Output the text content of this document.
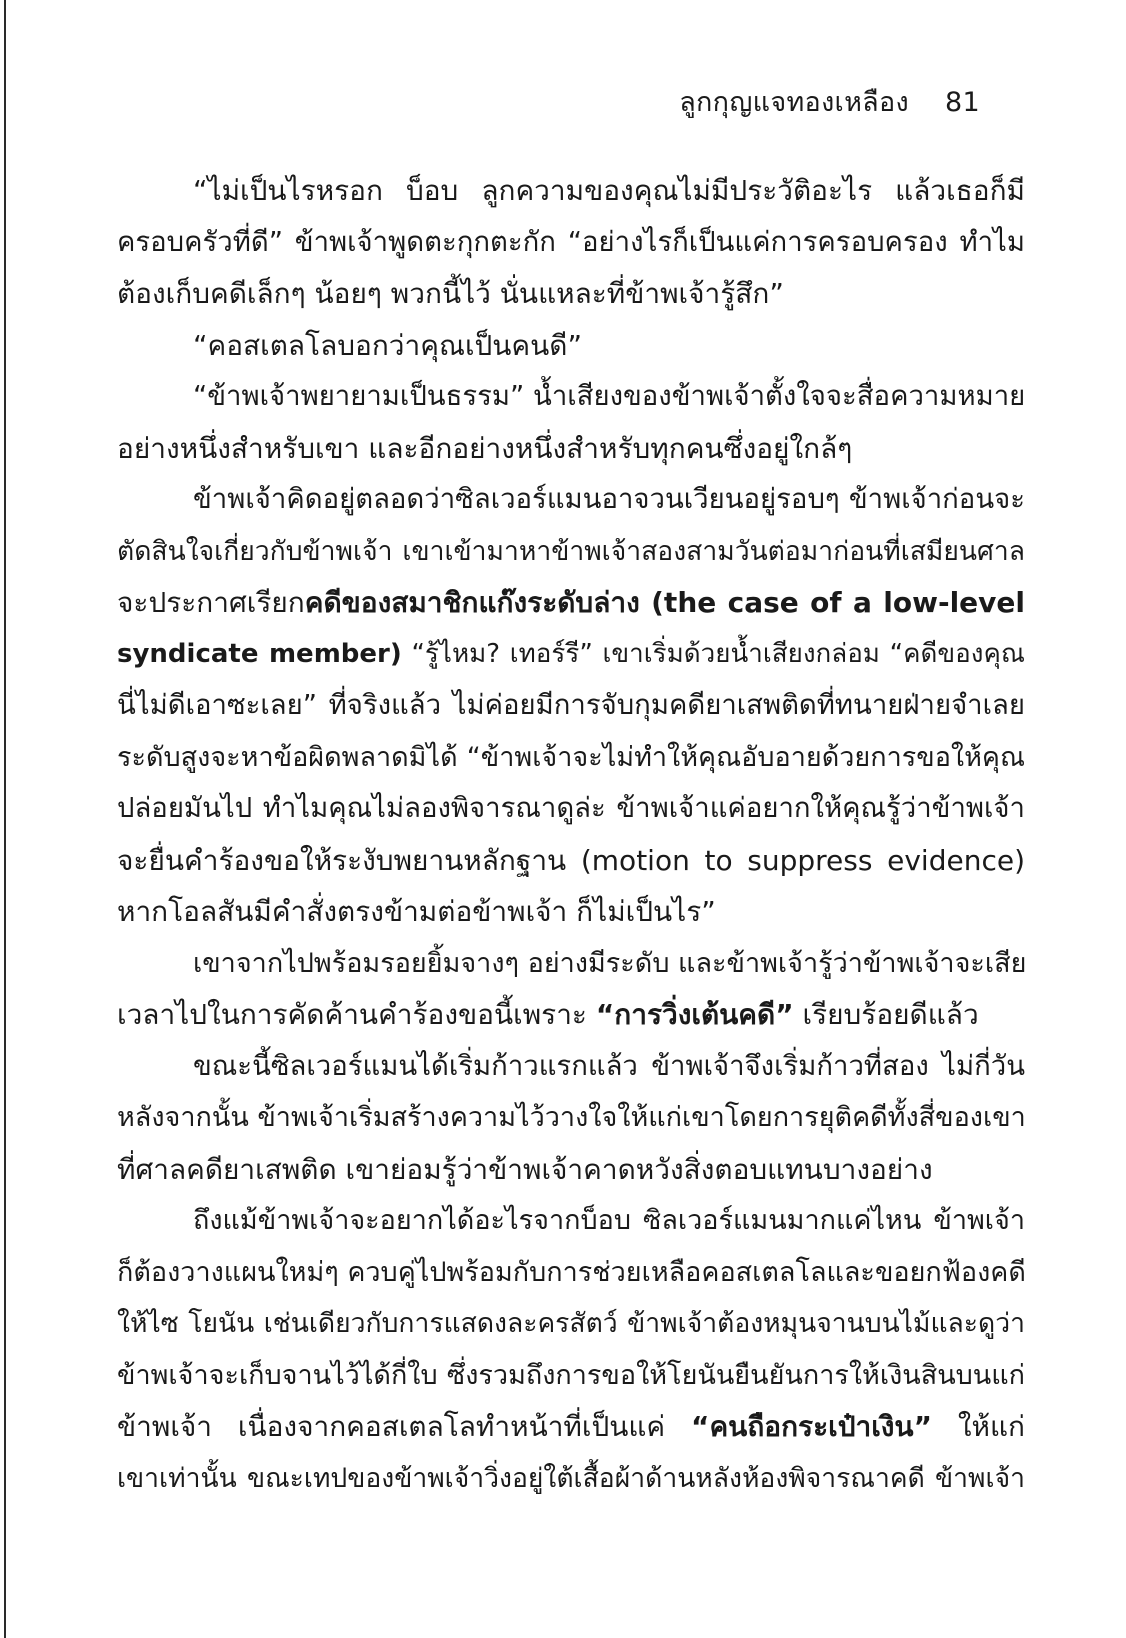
ลูกกุญแจทองเหลือง 81
“ไม่เป็นไรหรอก บ็อบ ลูกความของคุณไม่มีประวัติอะไร แล้วเธอก็มี
ครอบครัวที่ดี” ข้าพเจ้าพูดตะกุกตะกัก “อย่างไรก็เป็นแค่การครอบครอง ทำไม
ต้องเก็บคดีเล็กๆ น้อยๆ พวกนี้ไว้ นั่นแหละที่ข้าพเจ้ารู้สึก”
“คอสเตลโลบอกว่าคุณเป็นคนดี”
“ข้าพเจ้าพยายามเป็นธรรม” น้ำเสียงของข้าพเจ้าตั้งใจจะสื่อความหมาย
อย่างหนึ่งสำหรับเขา และอีกอย่างหนึ่งสำหรับทุกคนซึ่งอยู่ใกล้ๆ
ข้าพเจ้าคิดอยู่ตลอดว่าซิลเวอร์แมนอาจวนเวียนอยู่รอบๆ ข้าพเจ้าก่อนจะ
ตัดสินใจเกี่ยวกับข้าพเจ้า เขาเข้ามาหาข้าพเจ้าสองสามวันต่อมาก่อนที่เสมียนศาล
จะประกาศเรียกคดีของสมาชิกแก๊งระดับล่าง (the case of a low-level
syndicate member) “รู้ไหม? เทอร์รี” เขาเริ่มด้วยน้ำเสียงกล่อม “คดีของคุณ
นี่ไม่ดีเอาซะเลย” ที่จริงแล้ว ไม่ค่อยมีการจับกุมคดียาเสพติดที่ทนายฝ่ายจำเลย
ระดับสูงจะหาข้อผิดพลาดมิได้ “ข้าพเจ้าจะไม่ทำให้คุณอับอายด้วยการขอให้คุณ
ปล่อยมันไป ทำไมคุณไม่ลองพิจารณาดูล่ะ ข้าพเจ้าแค่อยากให้คุณรู้ว่าข้าพเจ้า
จะยื่นคำร้องขอให้ระงับพยานหลักฐาน (motion to suppress evidence)
หากโอลสันมีคำสั่งตรงข้ามต่อข้าพเจ้า ก็ไม่เป็นไร”
เขาจากไปพร้อมรอยยิ้มจางๆ อย่างมีระดับ และข้าพเจ้ารู้ว่าข้าพเจ้าจะเสีย
เวลาไปในการคัดค้านคำร้องขอนี้เพราะ “การวิ่งเต้นคดี” เรียบร้อยดีแล้ว
ขณะนี้ซิลเวอร์แมนได้เริ่มก้าวแรกแล้ว ข้าพเจ้าจึงเริ่มก้าวที่สอง ไม่กี่วัน
หลังจากนั้น ข้าพเจ้าเริ่มสร้างความไว้วางใจให้แก่เขาโดยการยุติคดีทั้งสี่ของเขา
ที่ศาลคดียาเสพติด เขาย่อมรู้ว่าข้าพเจ้าคาดหวังสิ่งตอบแทนบางอย่าง
ถึงแม้ข้าพเจ้าจะอยากได้อะไรจากบ็อบ ซิลเวอร์แมนมากแค่ไหน ข้าพเจ้า
ก็ต้องวางแผนใหม่ๆ ควบคู่ไปพร้อมกับการช่วยเหลือคอสเตลโลและขอยกฟ้องคดี
ให้ไซ โยนัน เช่นเดียวกับการแสดงละครสัตว์ ข้าพเจ้าต้องหมุนจานบนไม้และดูว่า
ข้าพเจ้าจะเก็บจานไว้ได้กี่ใบ ซึ่งรวมถึงการขอให้โยนันยืนยันการให้เงินสินบนแก่
ข้าพเจ้า เนื่องจากคอสเตลโลทำหน้าที่เป็นแค่ “คนถือกระเป๋าเงิน” ให้แก่
เขาเท่านั้น ขณะเทปของข้าพเจ้าวิ่งอยู่ใต้เสื้อผ้าด้านหลังห้องพิจารณาคดี ข้าพเจ้า
